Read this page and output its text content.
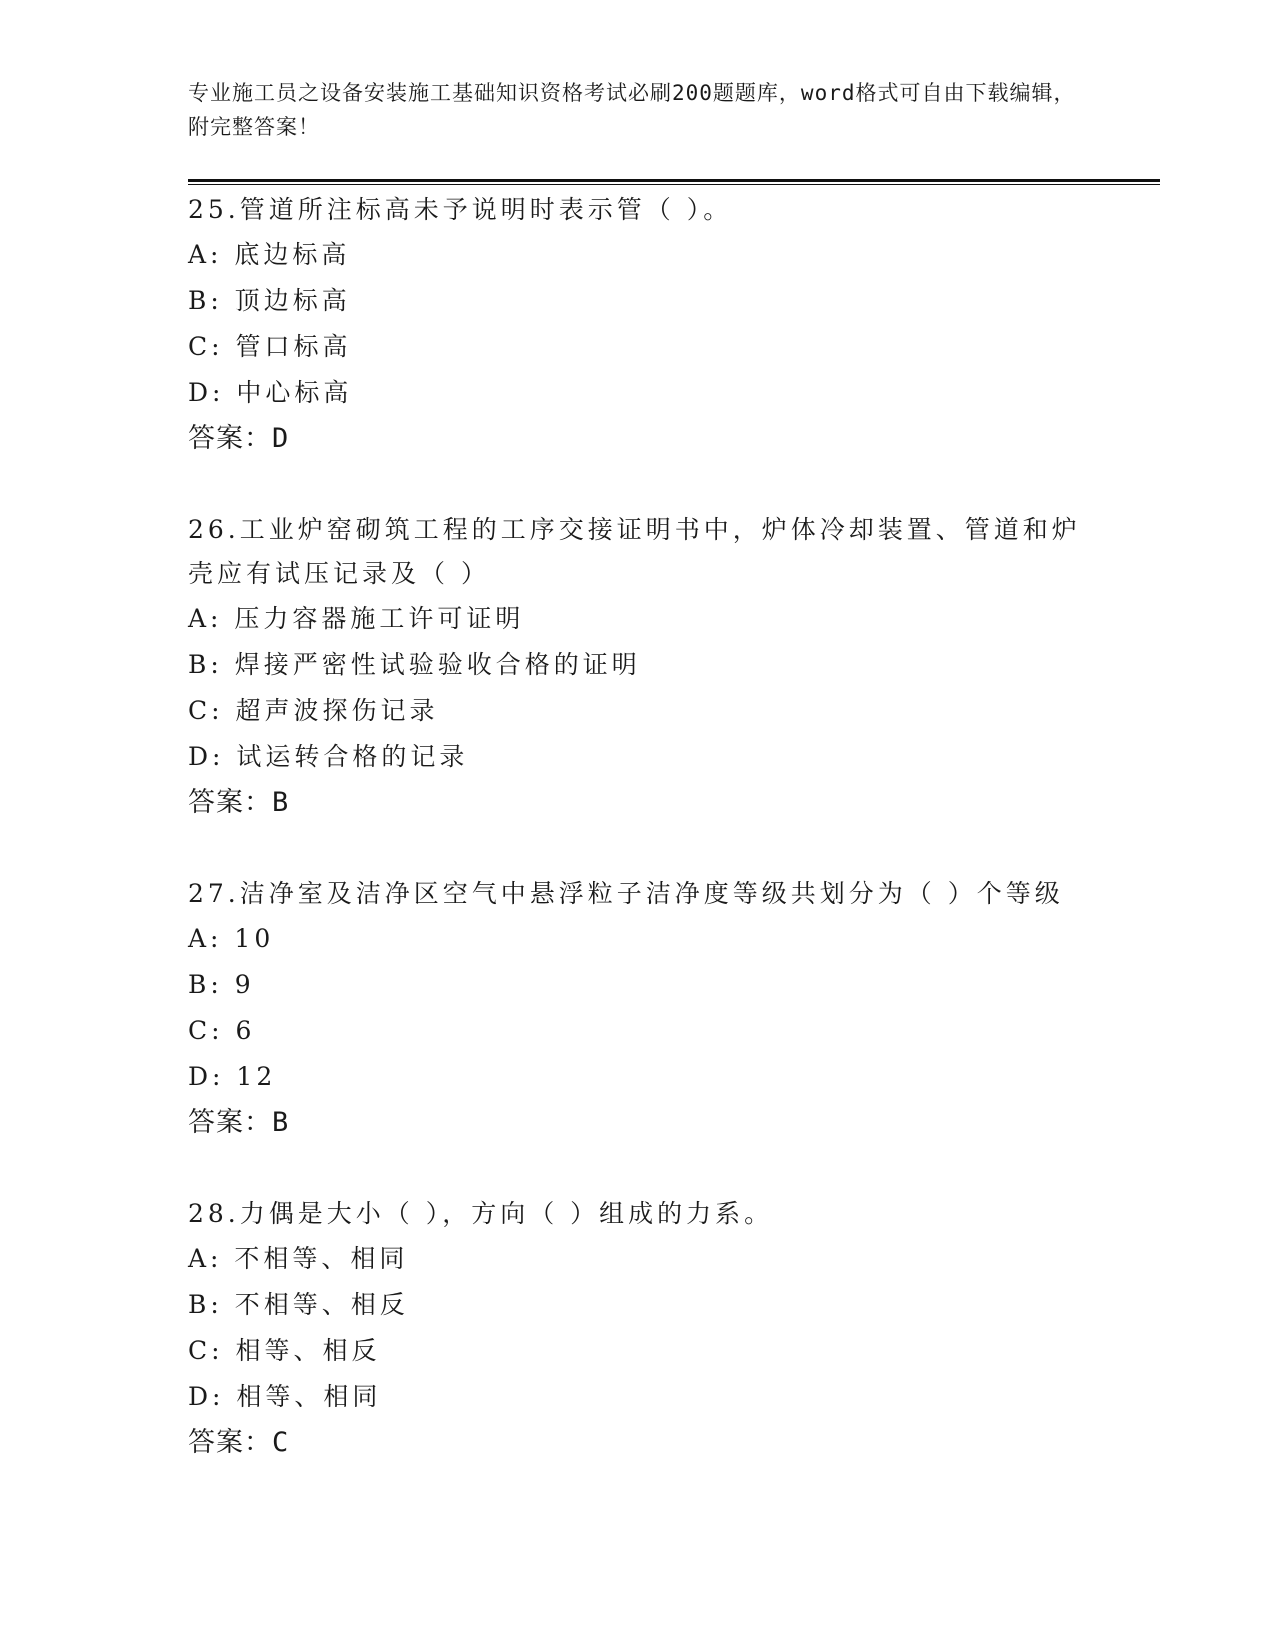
专业施工员之设备安装施工基础知识资格考试必刷200题题库，word格式可自由下载编辑，附完整答案！
25.管道所注标高未予说明时表示管（ ）。
A: 底边标高
B: 顶边标高
C: 管口标高
D: 中心标高
答案：D
26.工业炉窑砌筑工程的工序交接证明书中，炉体冷却装置、管道和炉
壳应有试压记录及（ ）
A: 压力容器施工许可证明
B: 焊接严密性试验验收合格的证明
C: 超声波探伤记录
D: 试运转合格的记录
答案：B
27.洁净室及洁净区空气中悬浮粒子洁净度等级共划分为（ ）个等级
A: 10
B: 9
C: 6
D: 12
答案：B
28.力偶是大小（ ），方向（ ）组成的力系。
A: 不相等、相同
B: 不相等、相反
C: 相等、相反
D: 相等、相同
答案：C
